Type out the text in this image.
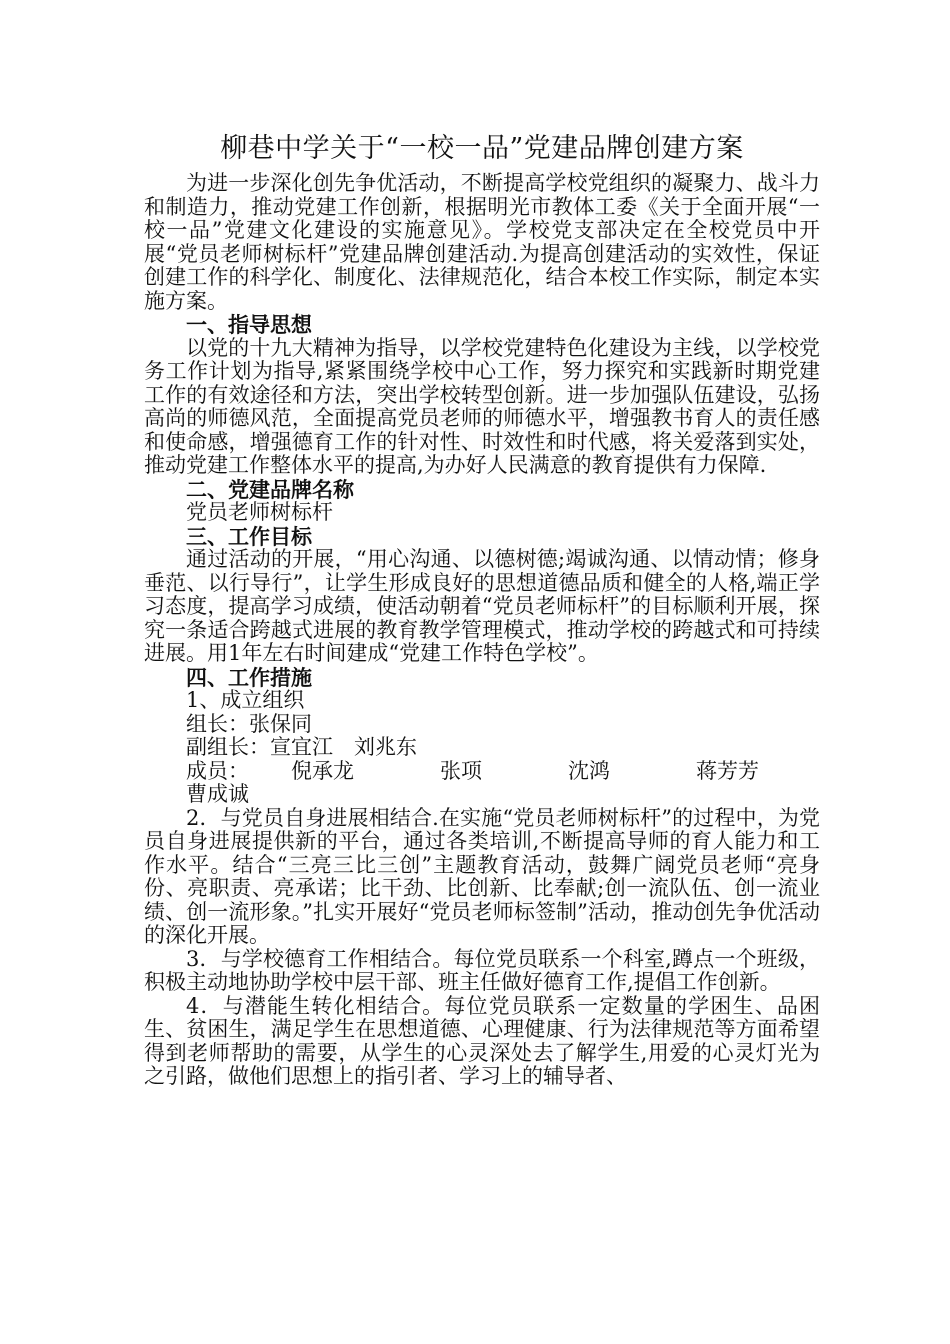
柳巷中学关于“一校一品”党建品牌创建方案

为进一步深化创先争优活动，不断提高学校党组织的凝聚力、战斗力和制造力，推动党建工作创新，根据明光市教体工委《关于全面开展“一校一品”党建文化建设的实施意见》。学校党支部决定在全校党员中开展“党员老师树标杆”党建品牌创建活动.为提高创建活动的实效性，保证创建工作的科学化、制度化、法律规范化，结合本校工作实际，制定本实施方案。

一、指导思想

以党的十九大精神为指导，以学校党建特色化建设为主线，以学校党务工作计划为指导,紧紧围绕学校中心工作，努力探究和实践新时期党建工作的有效途径和方法，突出学校转型创新。进一步加强队伍建设，弘扬高尚的师德风范，全面提高党员老师的师德水平，增强教书育人的责任感和使命感，增强德育工作的针对性、时效性和时代感，将关爱落到实处，推动党建工作整体水平的提高,为办好人民满意的教育提供有力保障.

二、党建品牌名称

党员老师树标杆

三、工作目标

通过活动的开展，“用心沟通、以德树德;竭诚沟通、以情动情；修身垂范、以行导行”，让学生形成良好的思想道德品质和健全的人格,端正学习态度，提高学习成绩，使活动朝着“党员老师标杆”的目标顺利开展，探究一条适合跨越式进展的教育教学管理模式，推动学校的跨越式和可持续进展。用1年左右时间建成“党建工作特色学校”。

四、工作措施

1、成立组织

组长：张保同

副组长：宣宜江　刘兆东

成员： 倪承龙	张项	沈鸿	蒋芳芳曹成诚

2．与党员自身进展相结合.在实施“党员老师树标杆”的过程中，为党员自身进展提供新的平台，通过各类培训,不断提高导师的育人能力和工作水平。结合“三亮三比三创”主题教育活动，鼓舞广阔党员老师“亮身份、亮职责、亮承诺；比干劲、比创新、比奉献;创一流队伍、创一流业绩、创一流形象。”扎实开展好“党员老师标签制”活动，推动创先争优活动的深化开展。

3．与学校德育工作相结合。每位党员联系一个科室,蹲点一个班级，积极主动地协助学校中层干部、班主任做好德育工作,提倡工作创新。

4．与潜能生转化相结合。每位党员联系一定数量的学困生、品困生、贫困生，满足学生在思想道德、心理健康、行为法律规范等方面希望得到老师帮助的需要，从学生的心灵深处去了解学生,用爱的心灵灯光为之引路，做他们思想上的指引者、学习上的辅导者、
